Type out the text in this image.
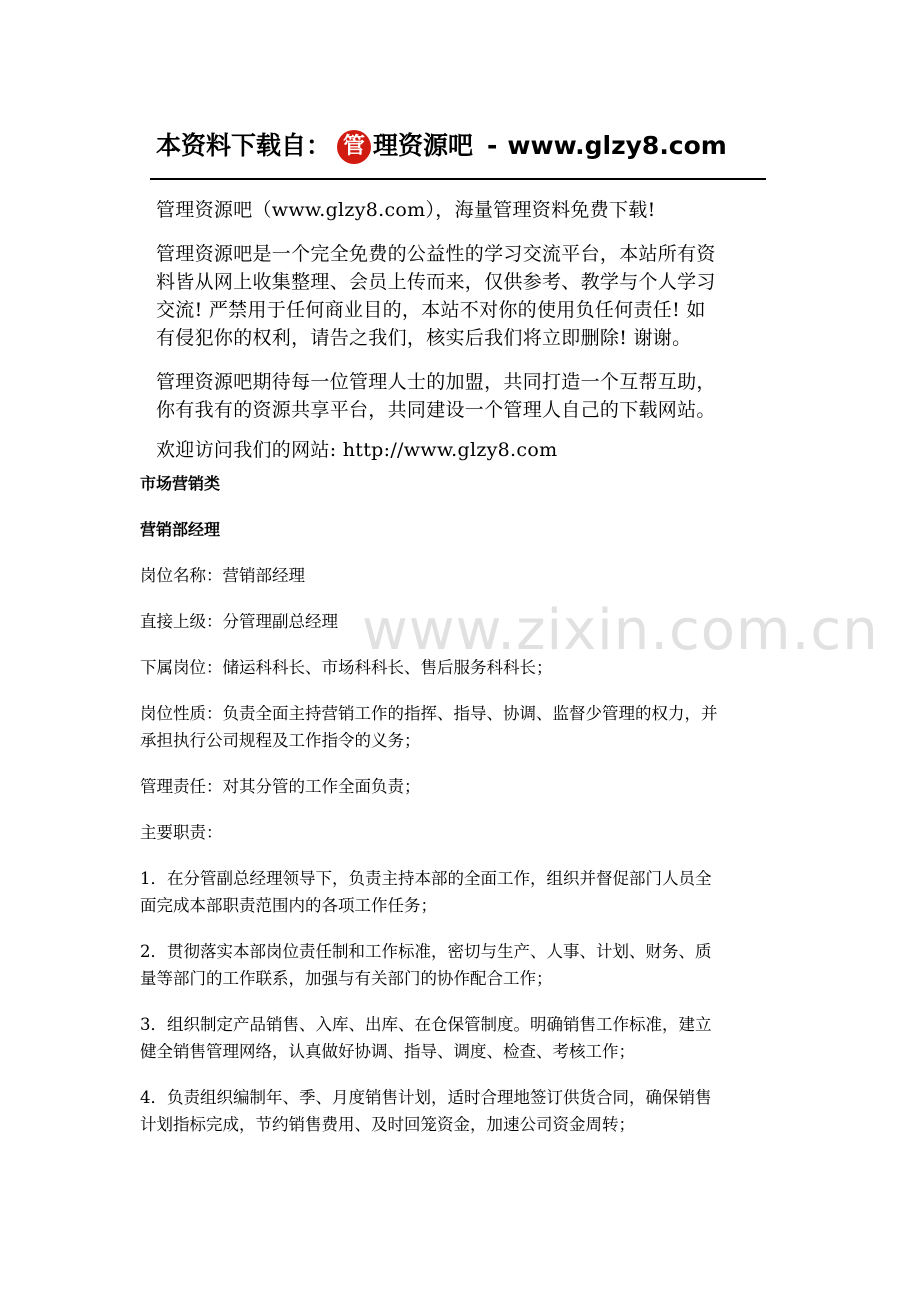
本资料下载自： 管 理资源吧 - www.glzy8.com
管理资源吧（www.glzy8.com），海量管理资料免费下载!
管理资源吧是一个完全免费的公益性的学习交流平台，本站所有资
料皆从网上收集整理、会员上传而来，仅供参考、教学与个人学习
交流! 严禁用于任何商业目的，本站不对你的使用负任何责任! 如
有侵犯你的权利，请告之我们，核实后我们将立即删除! 谢谢。
管理资源吧期待每一位管理人士的加盟，共同打造一个互帮互助，
你有我有的资源共享平台，共同建设一个管理人自己的下载网站。
欢迎访问我们的网站: http://www.glzy8.com

市场营销类

营销部经理

岗位名称：营销部经理

直接上级：分管理副总经理

下属岗位：储运科科长、市场科科长、售后服务科科长；

岗位性质：负责全面主持营销工作的指挥、指导、协调、监督少管理的权力，并

承担执行公司规程及工作指令的义务；

管理责任：对其分管的工作全面负责；

主要职责：

1．在分管副总经理领导下，负责主持本部的全面工作，组织并督促部门人员全

面完成本部职责范围内的各项工作任务；

2．贯彻落实本部岗位责任制和工作标准，密切与生产、人事、计划、财务、质

量等部门的工作联系，加强与有关部门的协作配合工作；

3．组织制定产品销售、入库、出库、在仓保管制度。明确销售工作标准，建立

健全销售管理网络，认真做好协调、指导、调度、检查、考核工作；

4．负责组织编制年、季、月度销售计划，适时合理地签订供货合同，确保销售

计划指标完成，节约销售费用、及时回笼资金，加速公司资金周转；

www.zixin.com.cn
